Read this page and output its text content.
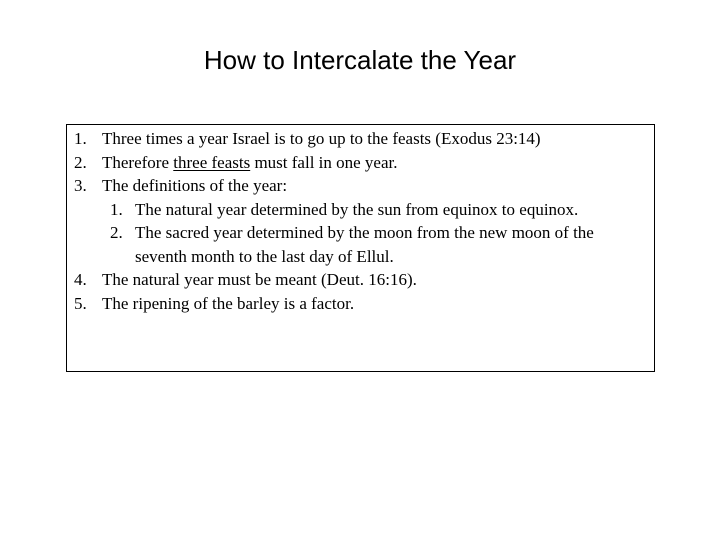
How to Intercalate the Year
1. Three times a year Israel is to go up to the feasts (Exodus 23:14)
2. Therefore three feasts must fall in one year.
3. The definitions of the year:
1. The natural year determined by the sun from equinox to equinox.
2. The sacred year determined by the moon from the new moon of the seventh month to the last day of Ellul.
4. The natural year must be meant (Deut. 16:16).
5. The ripening of the barley is a factor.
